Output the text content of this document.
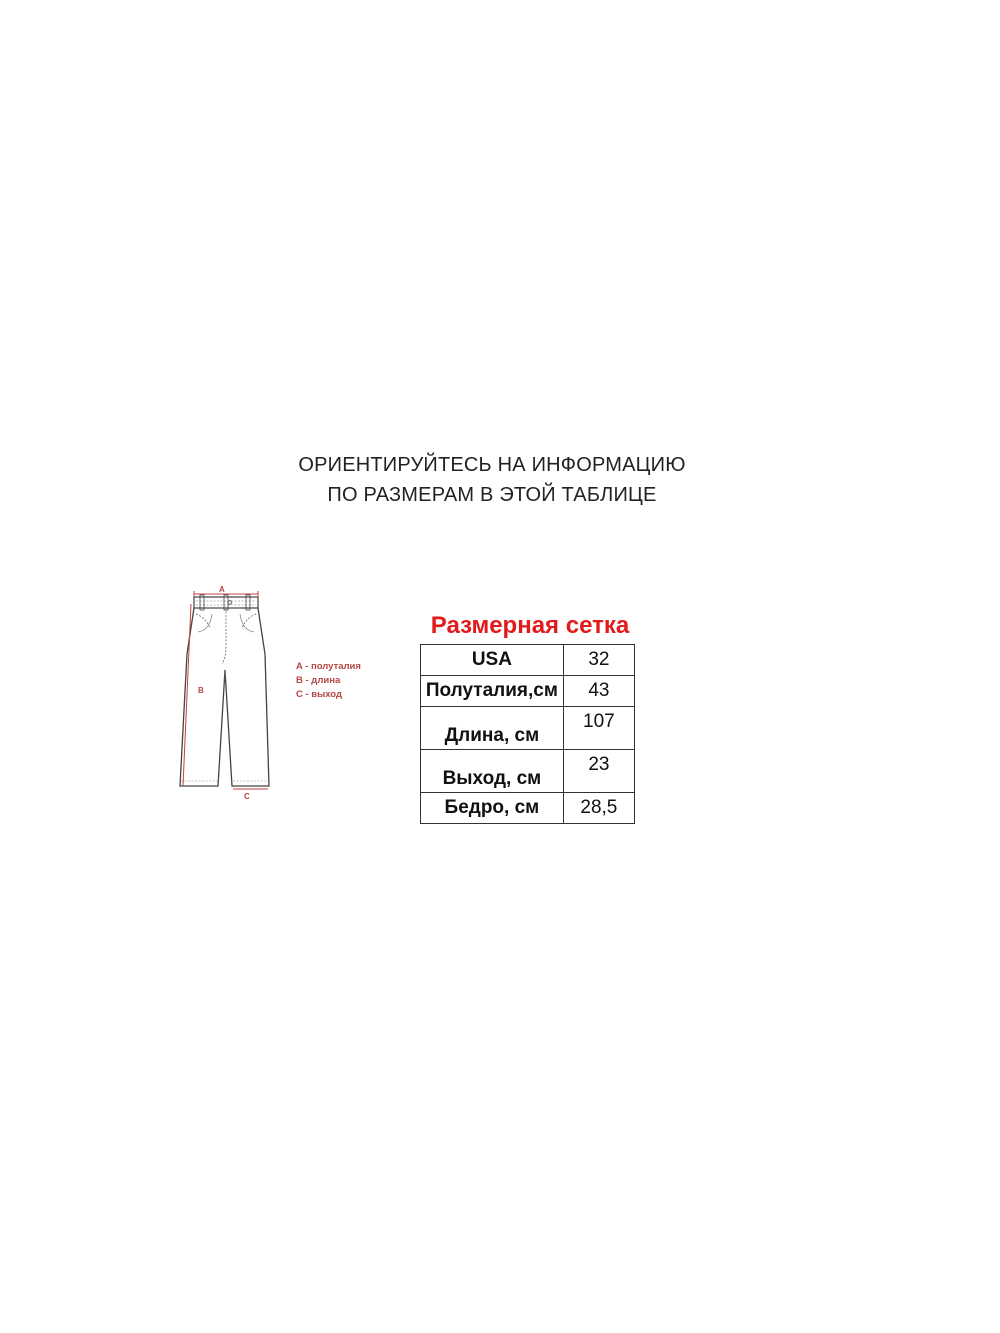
ОРИЕНТИРУЙТЕСЬ НА ИНФОРМАЦИЮ
ПО РАЗМЕРАМ В ЭТОЙ ТАБЛИЦЕ
A
B
C
A - полуталия
B - длина
C - выход
Размерная сетка
USA	32
Полуталия,см	43
Длина, см	107
Выход, см	23
Бедро, см	28,5
